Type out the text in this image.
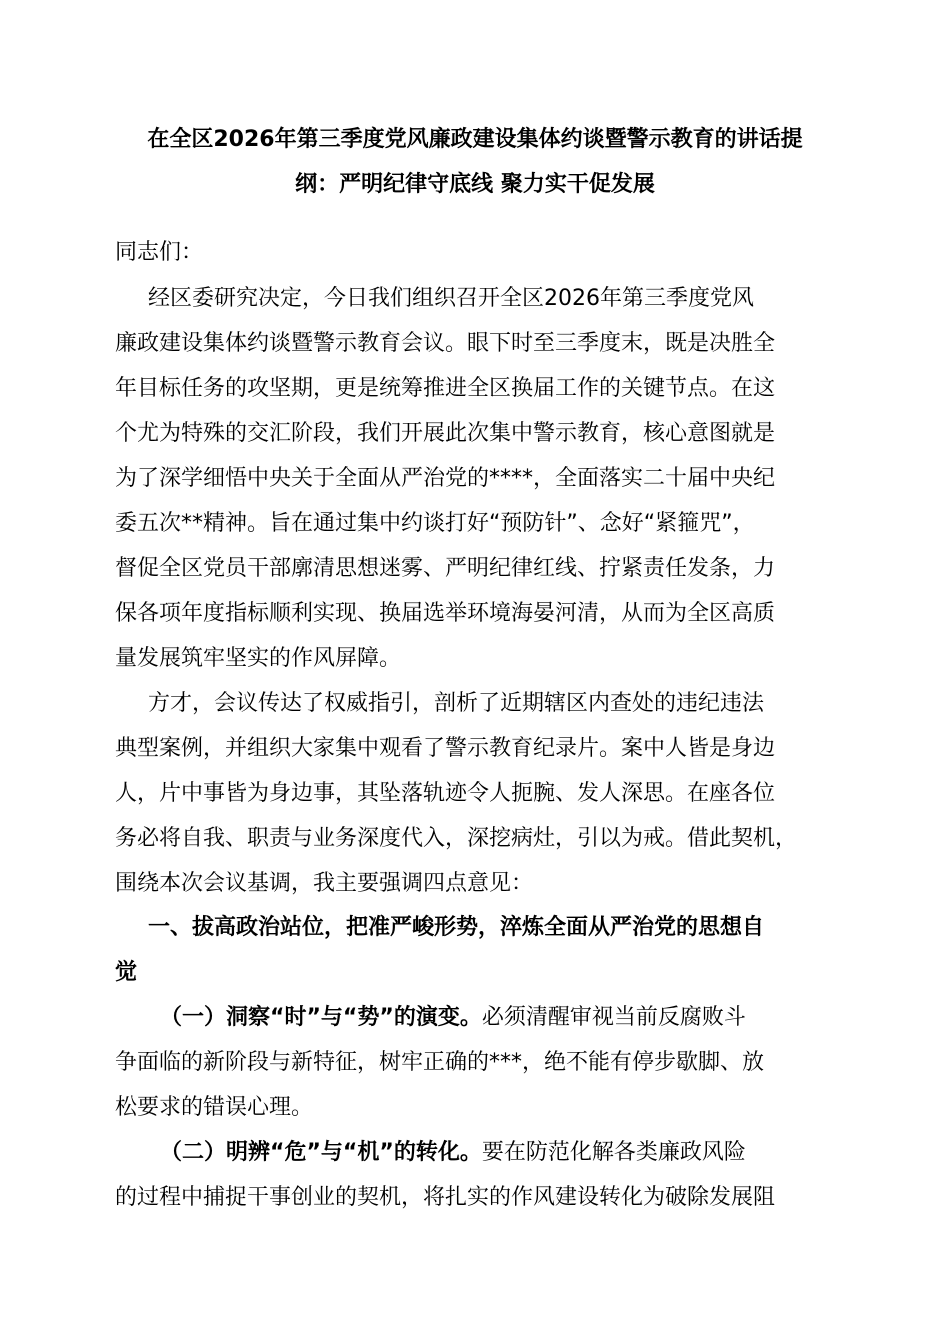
在全区2026年第三季度党风廉政建设集体约谈暨警示教育的讲话提
纲：严明纪律守底线 聚力实干促发展
同志们：
经区委研究决定，今日我们组织召开全区2026年第三季度党风
廉政建设集体约谈暨警示教育会议。眼下时至三季度末，既是决胜全
年目标任务的攻坚期，更是统筹推进全区换届工作的关键节点。在这
个尤为特殊的交汇阶段，我们开展此次集中警示教育，核心意图就是
为了深学细悟中央关于全面从严治党的****，全面落实二十届中央纪
委五次**精神。旨在通过集中约谈打好“预防针”、念好“紧箍咒”，
督促全区党员干部廓清思想迷雾、严明纪律红线、拧紧责任发条，力
保各项年度指标顺利实现、换届选举环境海晏河清，从而为全区高质
量发展筑牢坚实的作风屏障。
方才，会议传达了权威指引，剖析了近期辖区内查处的违纪违法
典型案例，并组织大家集中观看了警示教育纪录片。案中人皆是身边
人，片中事皆为身边事，其坠落轨迹令人扼腕、发人深思。在座各位
务必将自我、职责与业务深度代入，深挖病灶，引以为戒。借此契机，
围绕本次会议基调，我主要强调四点意见：
一、拔高政治站位，把准严峻形势，淬炼全面从严治党的思想自
觉
（一）洞察“时”与“势”的演变。必须清醒审视当前反腐败斗
争面临的新阶段与新特征，树牢正确的***，绝不能有停步歇脚、放
松要求的错误心理。
（二）明辨“危”与“机”的转化。要在防范化解各类廉政风险
的过程中捕捉干事创业的契机，将扎实的作风建设转化为破除发展阻
